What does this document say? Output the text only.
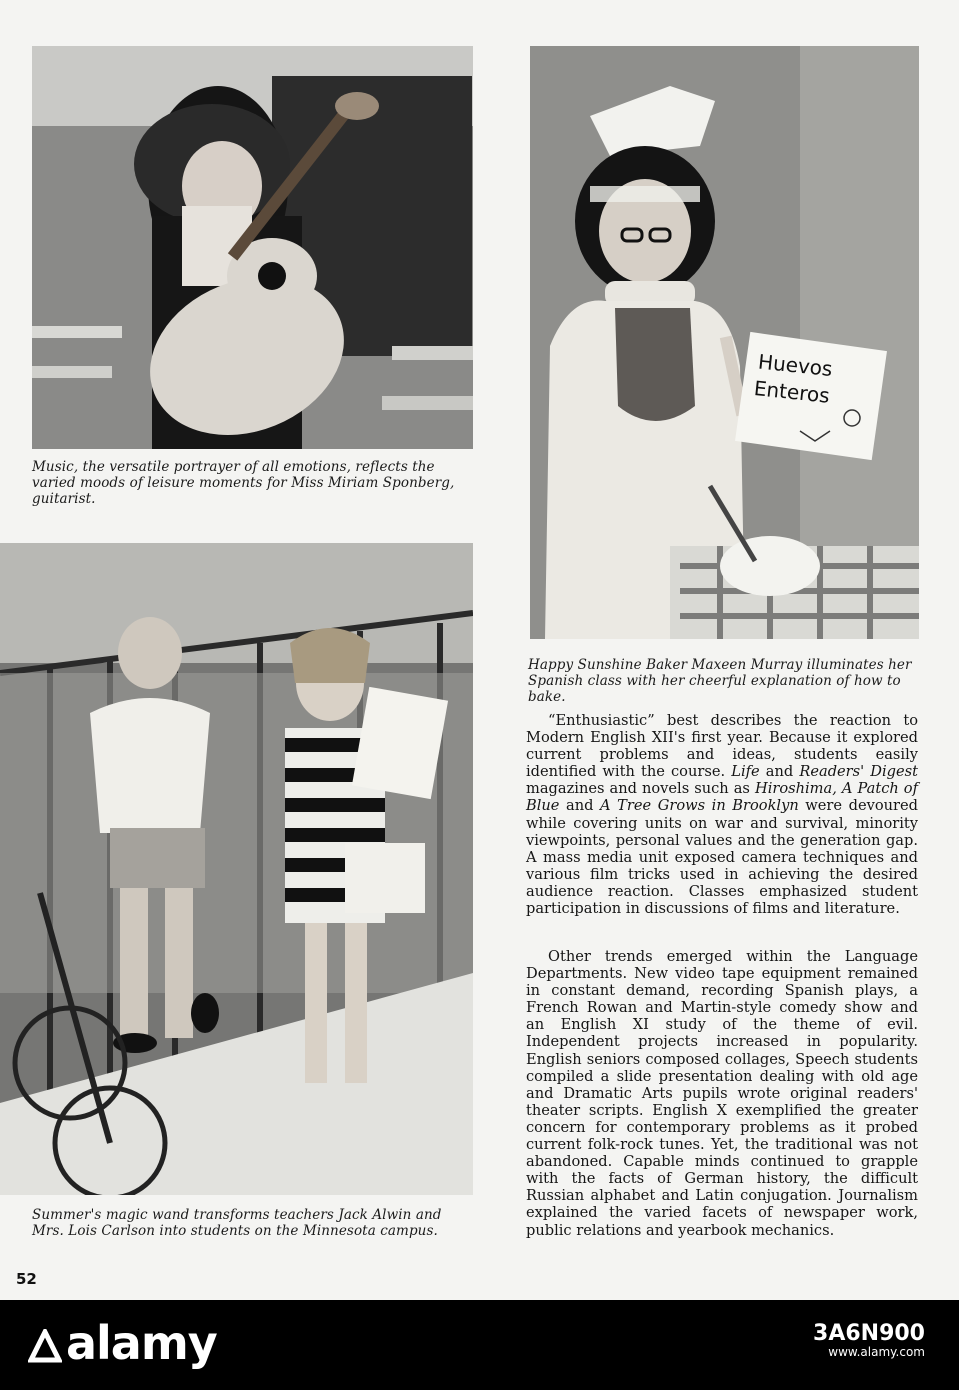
Music, the versatile portrayer of all emotions, reflects the varied moods of leisure moments for Miss Miriam Sponberg, guitarist.

Huevos
Enteros

Happy Sunshine Baker Maxeen Murray illuminates her Spanish class with her cheerful explanation of how to bake.

Summer's magic wand transforms teachers Jack Alwin and Mrs. Lois Carlson into students on the Minnesota campus.

“Enthusiastic” best describes the reaction to Modern English XII's first year. Because it explored current problems and ideas, students easily identified with the course. Life and Readers' Digest magazines and novels such as Hiroshima, A Patch of Blue and A Tree Grows in Brooklyn were devoured while covering units on war and survival, minority viewpoints, personal values and the generation gap. A mass media unit exposed camera techniques and various film tricks used in achieving the desired audience reaction. Classes emphasized student participation in discussions of films and literature.

Other trends emerged within the Language Departments. New video tape equipment remained in constant demand, recording Spanish plays, a French Rowan and Martin-style comedy show and an English XI study of the theme of evil. Independent projects increased in popularity. English seniors composed collages, Speech students compiled a slide presentation dealing with old age and Dramatic Arts pupils wrote original readers' theater scripts. English X exemplified the greater concern for contemporary problems as it probed current folk-rock tunes. Yet, the traditional was not abandoned. Capable minds continued to grapple with the facts of German history, the difficult Russian alphabet and Latin conjugation. Journalism explained the varied facets of newspaper work, public relations and yearbook mechanics.

52
alamy	3A6N900
www.alamy.com
